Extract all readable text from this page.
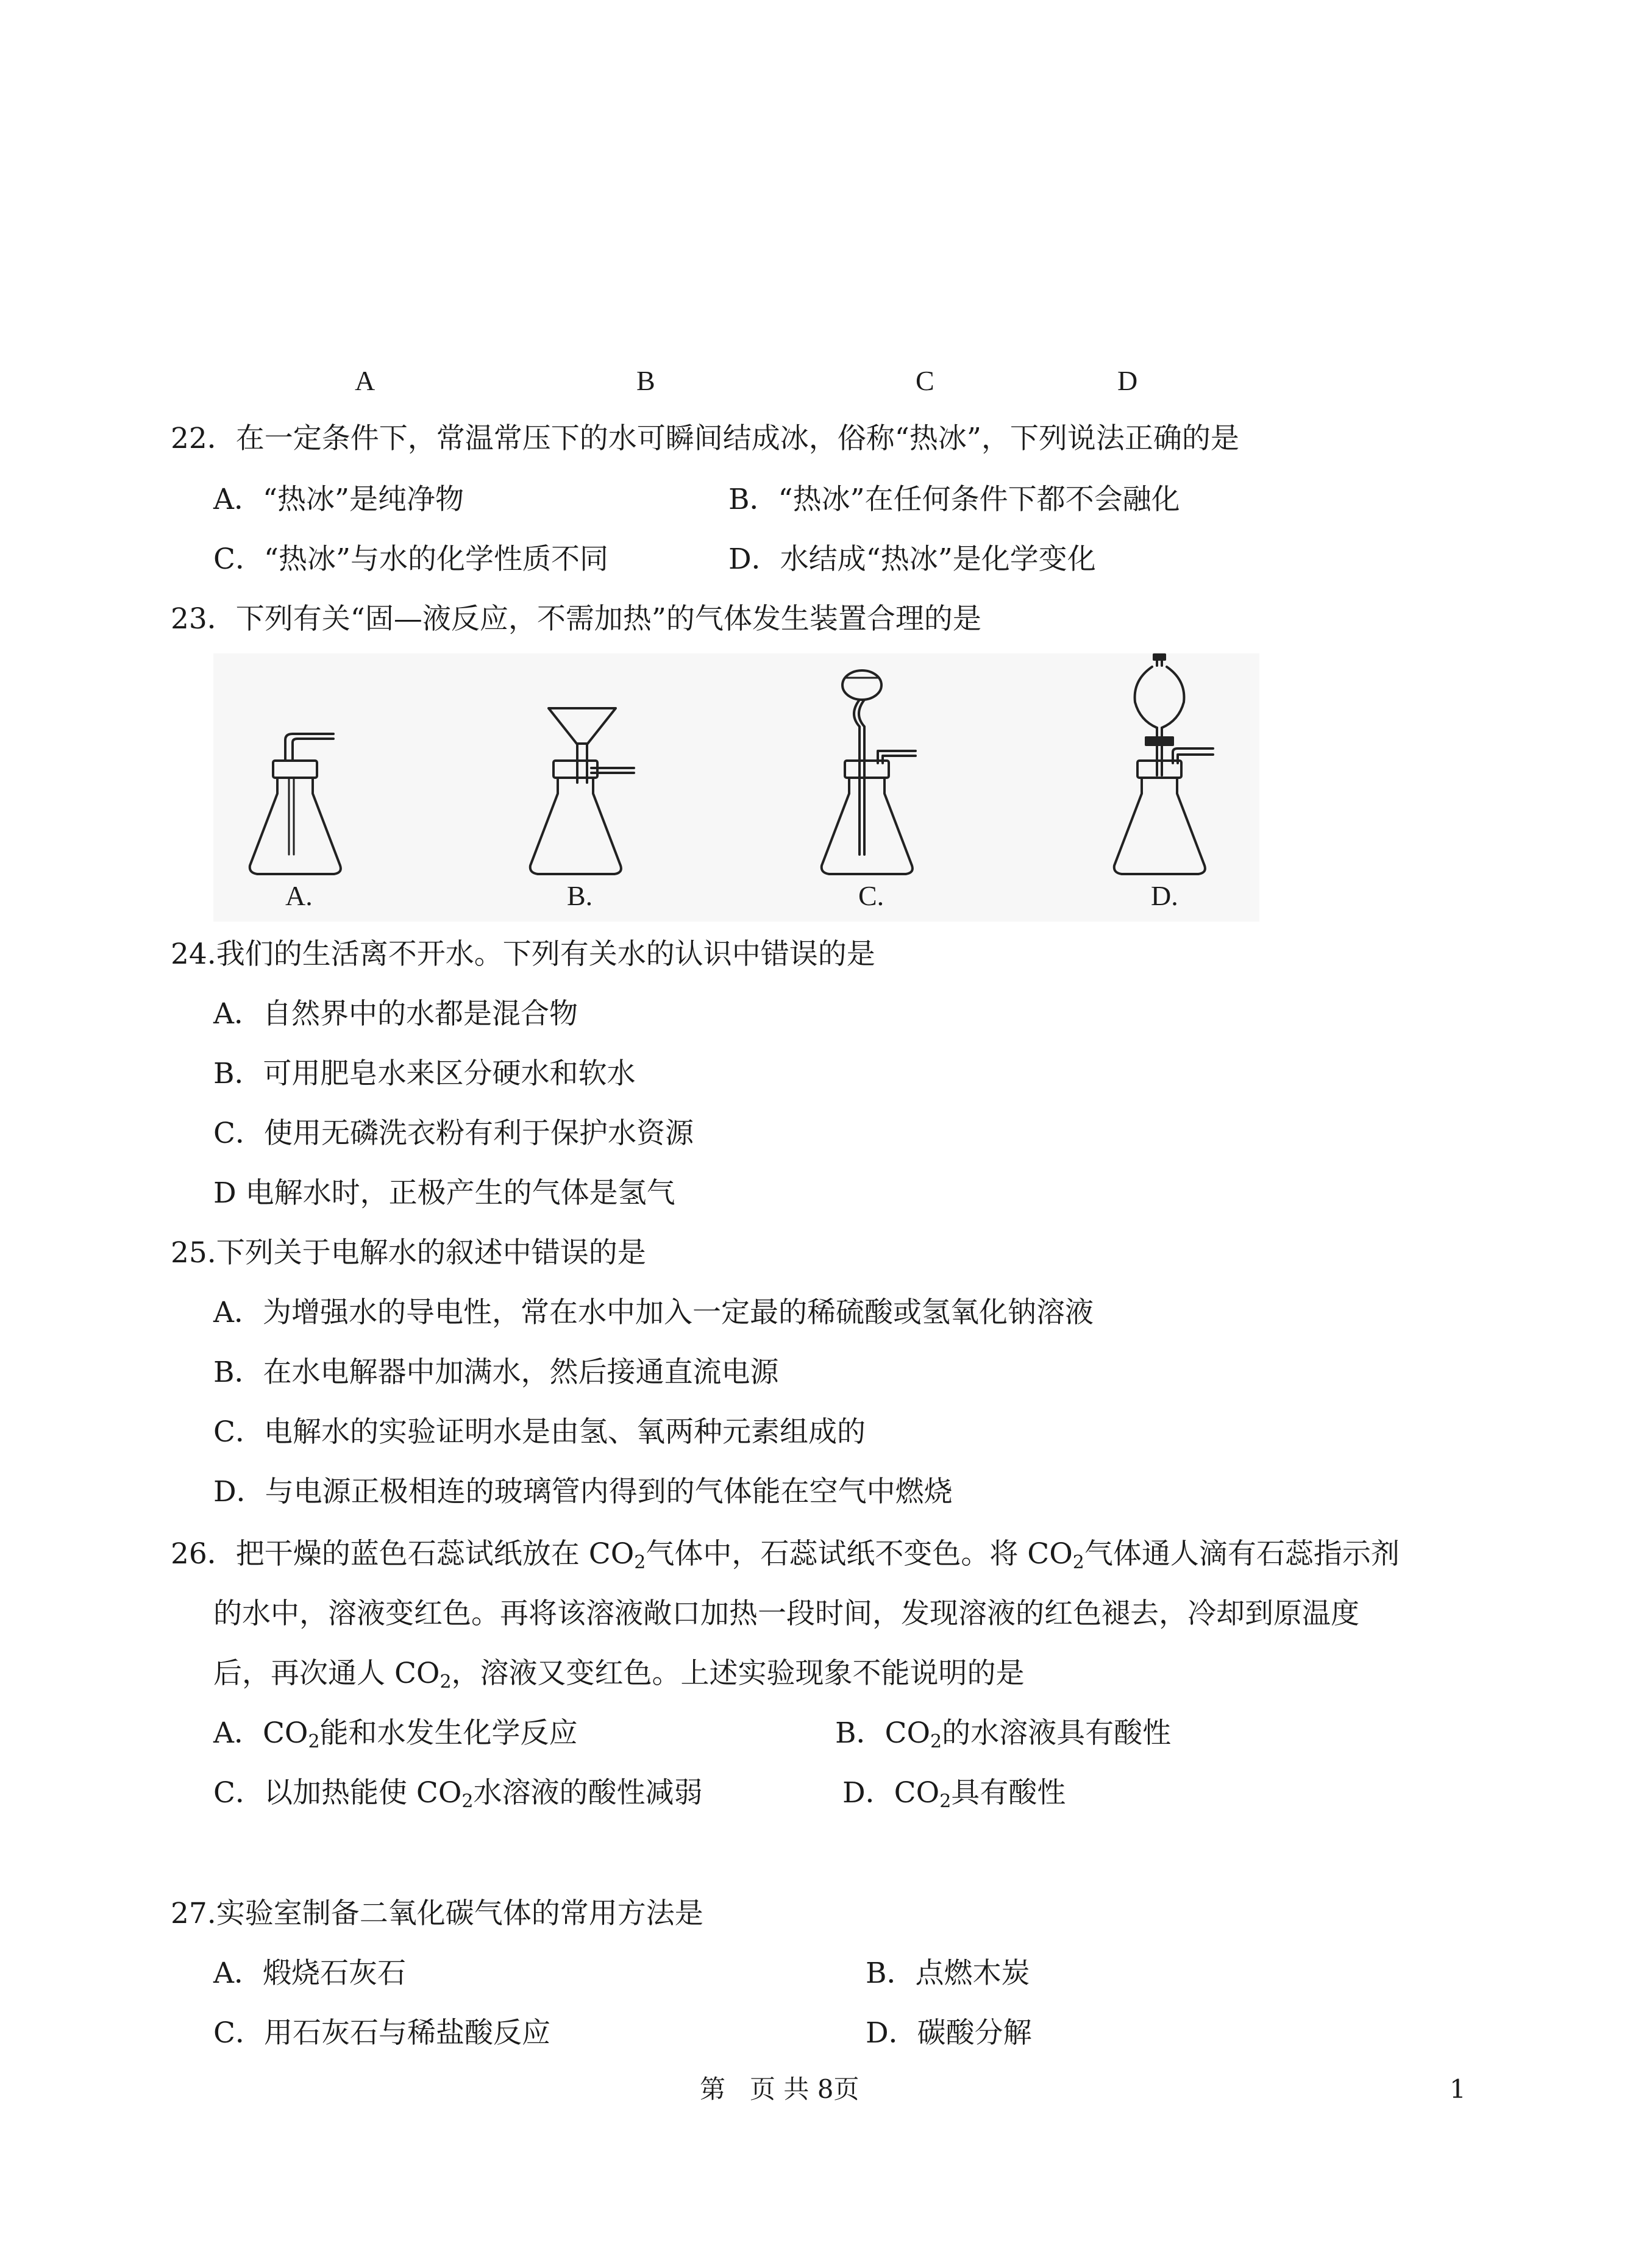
A	B	C	D
22．在一定条件下，常温常压下的水可瞬间结成冰，俗称“热冰”，下列说法正确的是
A．“热冰”是纯净物	B．“热冰”在任何条件下都不会融化
C．“热冰”与水的化学性质不同	D．水结成“热冰”是化学变化
23．下列有关“固—液反应，不需加热”的气体发生装置合理的是
A.	B.	C.	D.
24.我们的生活离不开水。下列有关水的认识中错误的是
A．自然界中的水都是混合物
B．可用肥皂水来区分硬水和软水
C．使用无磷洗衣粉有利于保护水资源
D 电解水时，正极产生的气体是氢气
25.下列关于电解水的叙述中错误的是
A．为增强水的导电性，常在水中加入一定最的稀硫酸或氢氧化钠溶液
B．在水电解器中加满水，然后接通直流电源
C．电解水的实验证明水是由氢、氧两种元素组成的
D．与电源正极相连的玻璃管内得到的气体能在空气中燃烧
26．把干燥的蓝色石蕊试纸放在 $CO_2$气体中，石蕊试纸不变色。将 $CO_2$气体通人滴有石蕊指示剂
的水中，溶液变红色。再将该溶液敞口加热一段时间，发现溶液的红色褪去，冷却到原温度
后，再次通人 $CO_2$，溶液又变红色。上述实验现象不能说明的是
A．$CO_2$能和水发生化学反应	B．$CO_2$的水溶液具有酸性
C．以加热能使 $CO_2$水溶液的酸性减弱	D．$CO_2$具有酸性
27.实验室制备二氧化碳气体的常用方法是
A．煅烧石灰石	B．点燃木炭
C．用石灰石与稀盐酸反应	D．碳酸分解
第   页 共 8页	1
